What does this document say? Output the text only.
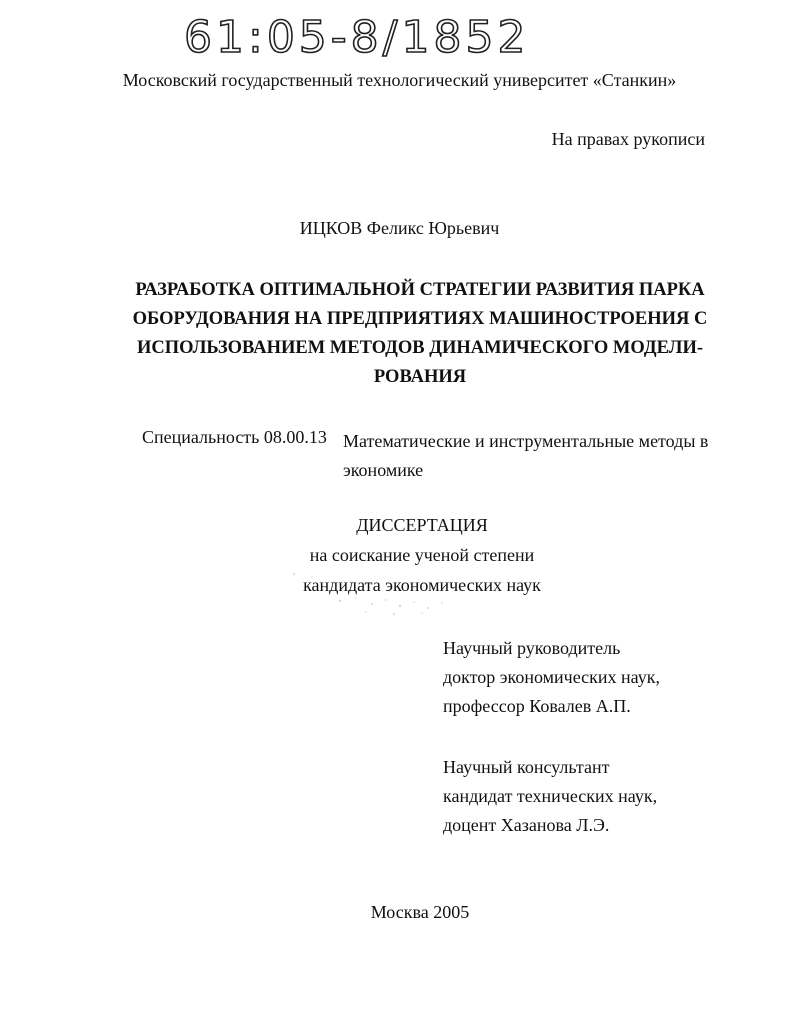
61:05-8/1852
Московский государственный технологический университет «Станкин»
На правах рукописи
ИЦКОВ Феликс Юрьевич
РАЗРАБОТКА ОПТИМАЛЬНОЙ СТРАТЕГИИ РАЗВИТИЯ ПАРКА
ОБОРУДОВАНИЯ НА ПРЕДПРИЯТИЯХ МАШИНОСТРОЕНИЯ С
ИСПОЛЬЗОВАНИЕМ МЕТОДОВ ДИНАМИЧЕСКОГО МОДЕЛИ-
РОВАНИЯ
Специальность 08.00.13 Математические и инструментальные методы в
экономике
ДИССЕРТАЦИЯ
на соискание ученой степени
кандидата экономических наук
Научный руководитель
доктор экономических наук,
профессор Ковалев А.П.
Научный консультант
кандидат технических наук,
доцент Хазанова Л.Э.
Москва 2005
